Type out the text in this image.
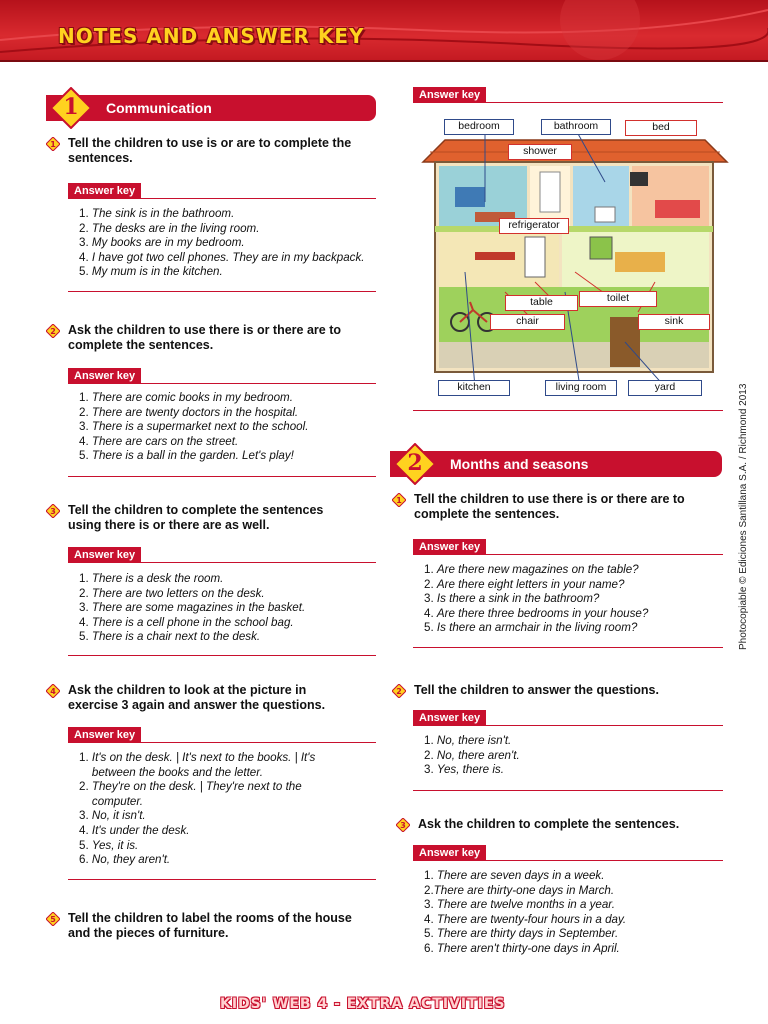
NOTES AND ANSWER KEY
1	Communication
1 Tell the children to use is or are to complete the
sentences.
Answer key
1. The sink is in the bathroom.
2. The desks are in the living room.
3. My books are in my bedroom.
4. I have got two cell phones. They are in my backpack.
5. My mum is in the kitchen.
2 Ask the children to use there is or there are to
complete the sentences.
Answer key
1. There are comic books in my bedroom.
2. There are twenty doctors in the hospital.
3. There is a supermarket next to the school.
4. There are cars on the street.
5. There is a ball in the garden. Let's play!
3 Tell the children to complete the sentences
using there is or there are as well.
Answer key
1. There is a desk the room.
2. There are two letters on the desk.
3. There are some magazines in the basket.
4. There is a cell phone in the school bag.
5. There is a chair next to the desk.
4 Ask the children to look at the picture in
exercise 3 again and answer the questions.
Answer key
1. It's on the desk. | It's next to the books. | It's
between the books and the letter.
2. They're on the desk. | They're next to the
computer.
3. No, it isn't.
4. It's under the desk.
5. Yes, it is.
6. No, they aren't.
5 Tell the children to label the rooms of the house
and the pieces of furniture.
Answer key
bedroom	bathroom	bed
shower
refrigerator
toilet
table
chair	sink
kitchen	living room	yard
2	Months and seasons
1 Tell the children to use there is or there are to
complete the sentences.
Answer key
1. Are there new magazines on the table?
2. Are there eight letters in your name?
3. Is there a sink in the bathroom?
4. Are there three bedrooms in your house?
5. Is there an armchair in the living room?
2 Tell the children to answer the questions.
Answer key
1. No, there isn't.
2. No, there aren't.
3. Yes, there is.
3 Ask the children to complete the sentences.
Answer key
1. There are seven days in a week.
2.There are thirty-one days in March.
3. There are twelve months in a year.
4. There are twenty-four hours in a day.
5. There are thirty days in September.
6. There aren't thirty-one days in April.
Photocopiable © Ediciones Santillana S.A. / Richmond 2013
KIDS' WEB 4 - EXTRA ACTIVITIES
